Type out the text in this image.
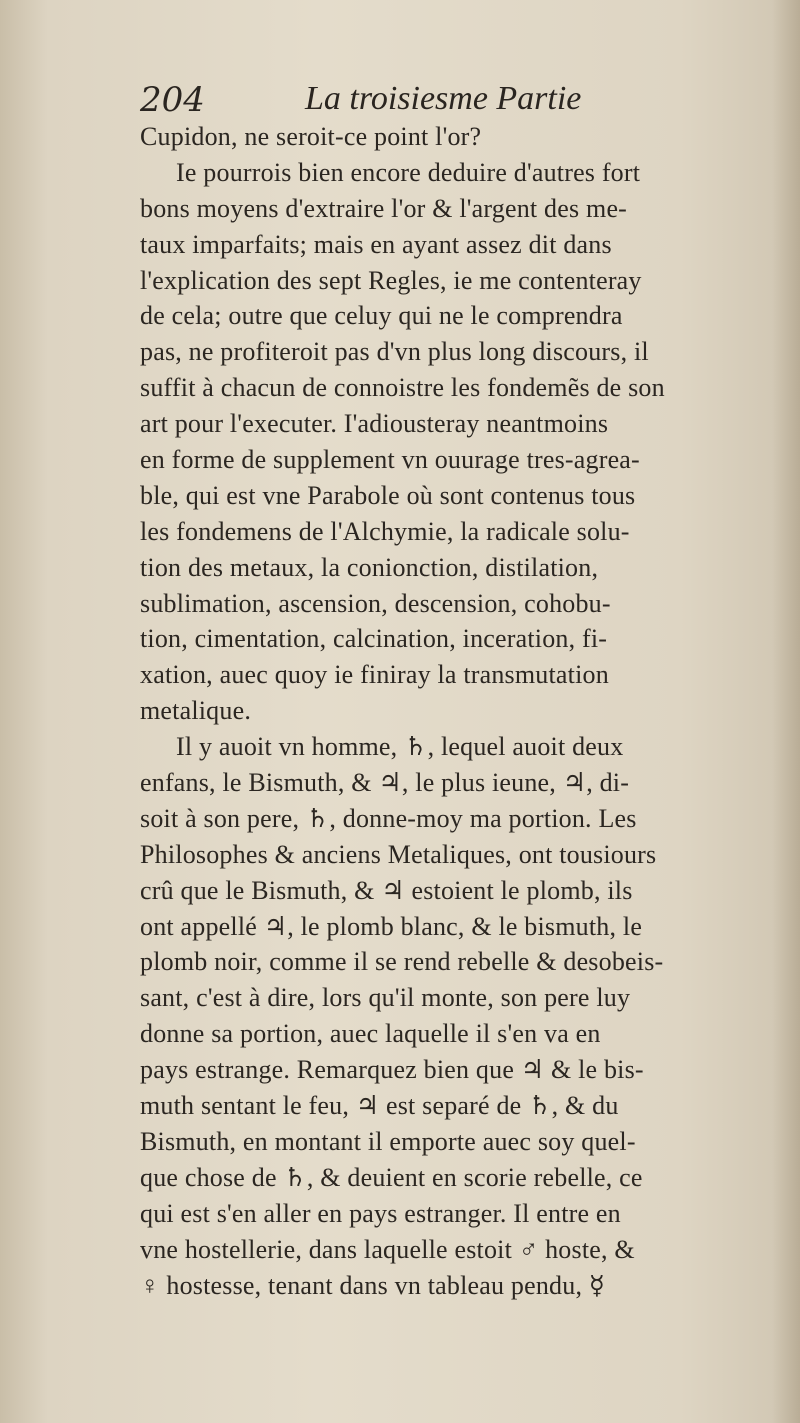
204	La troisiesme Partie
Cupidon, ne seroit-ce point l'or?
Ie pourrois bien encore deduire d'autres fort
bons moyens d'extraire l'or & l'argent des me-
taux imparfaits; mais en ayant assez dit dans
l'explication des sept Regles, ie me contenteray
de cela; outre que celuy qui ne le comprendra
pas, ne profiteroit pas d'vn plus long discours, il
suffit à chacun de connoistre les fondemẽs de son
art pour l'executer. I'adiousteray neantmoins
en forme de supplement vn ouurage tres-agrea-
ble, qui est vne Parabole où sont contenus tous
les fondemens de l'Alchymie, la radicale solu-
tion des metaux, la conionction, distilation,
sublimation, ascension, descension, cohobu-
tion, cimentation, calcination, inceration, fi-
xation, auec quoy ie finiray la transmutation
metalique.
Il y auoit vn homme, ♄, lequel auoit deux
enfans, le Bismuth, & ♃, le plus ieune, ♃, di-
soit à son pere, ♄, donne-moy ma portion. Les
Philosophes & anciens Metaliques, ont tousiours
crû que le Bismuth, & ♃ estoient le plomb, ils
ont appellé ♃, le plomb blanc, & le bismuth, le
plomb noir, comme il se rend rebelle & desobeis-
sant, c'est à dire, lors qu'il monte, son pere luy
donne sa portion, auec laquelle il s'en va en
pays estrange. Remarquez bien que ♃ & le bis-
muth sentant le feu, ♃ est separé de ♄, & du
Bismuth, en montant il emporte auec soy quel-
que chose de ♄, & deuient en scorie rebelle, ce
qui est s'en aller en pays estranger. Il entre en
vne hostellerie, dans laquelle estoit ♂ hoste, &
♀ hostesse, tenant dans vn tableau pendu, ☿
